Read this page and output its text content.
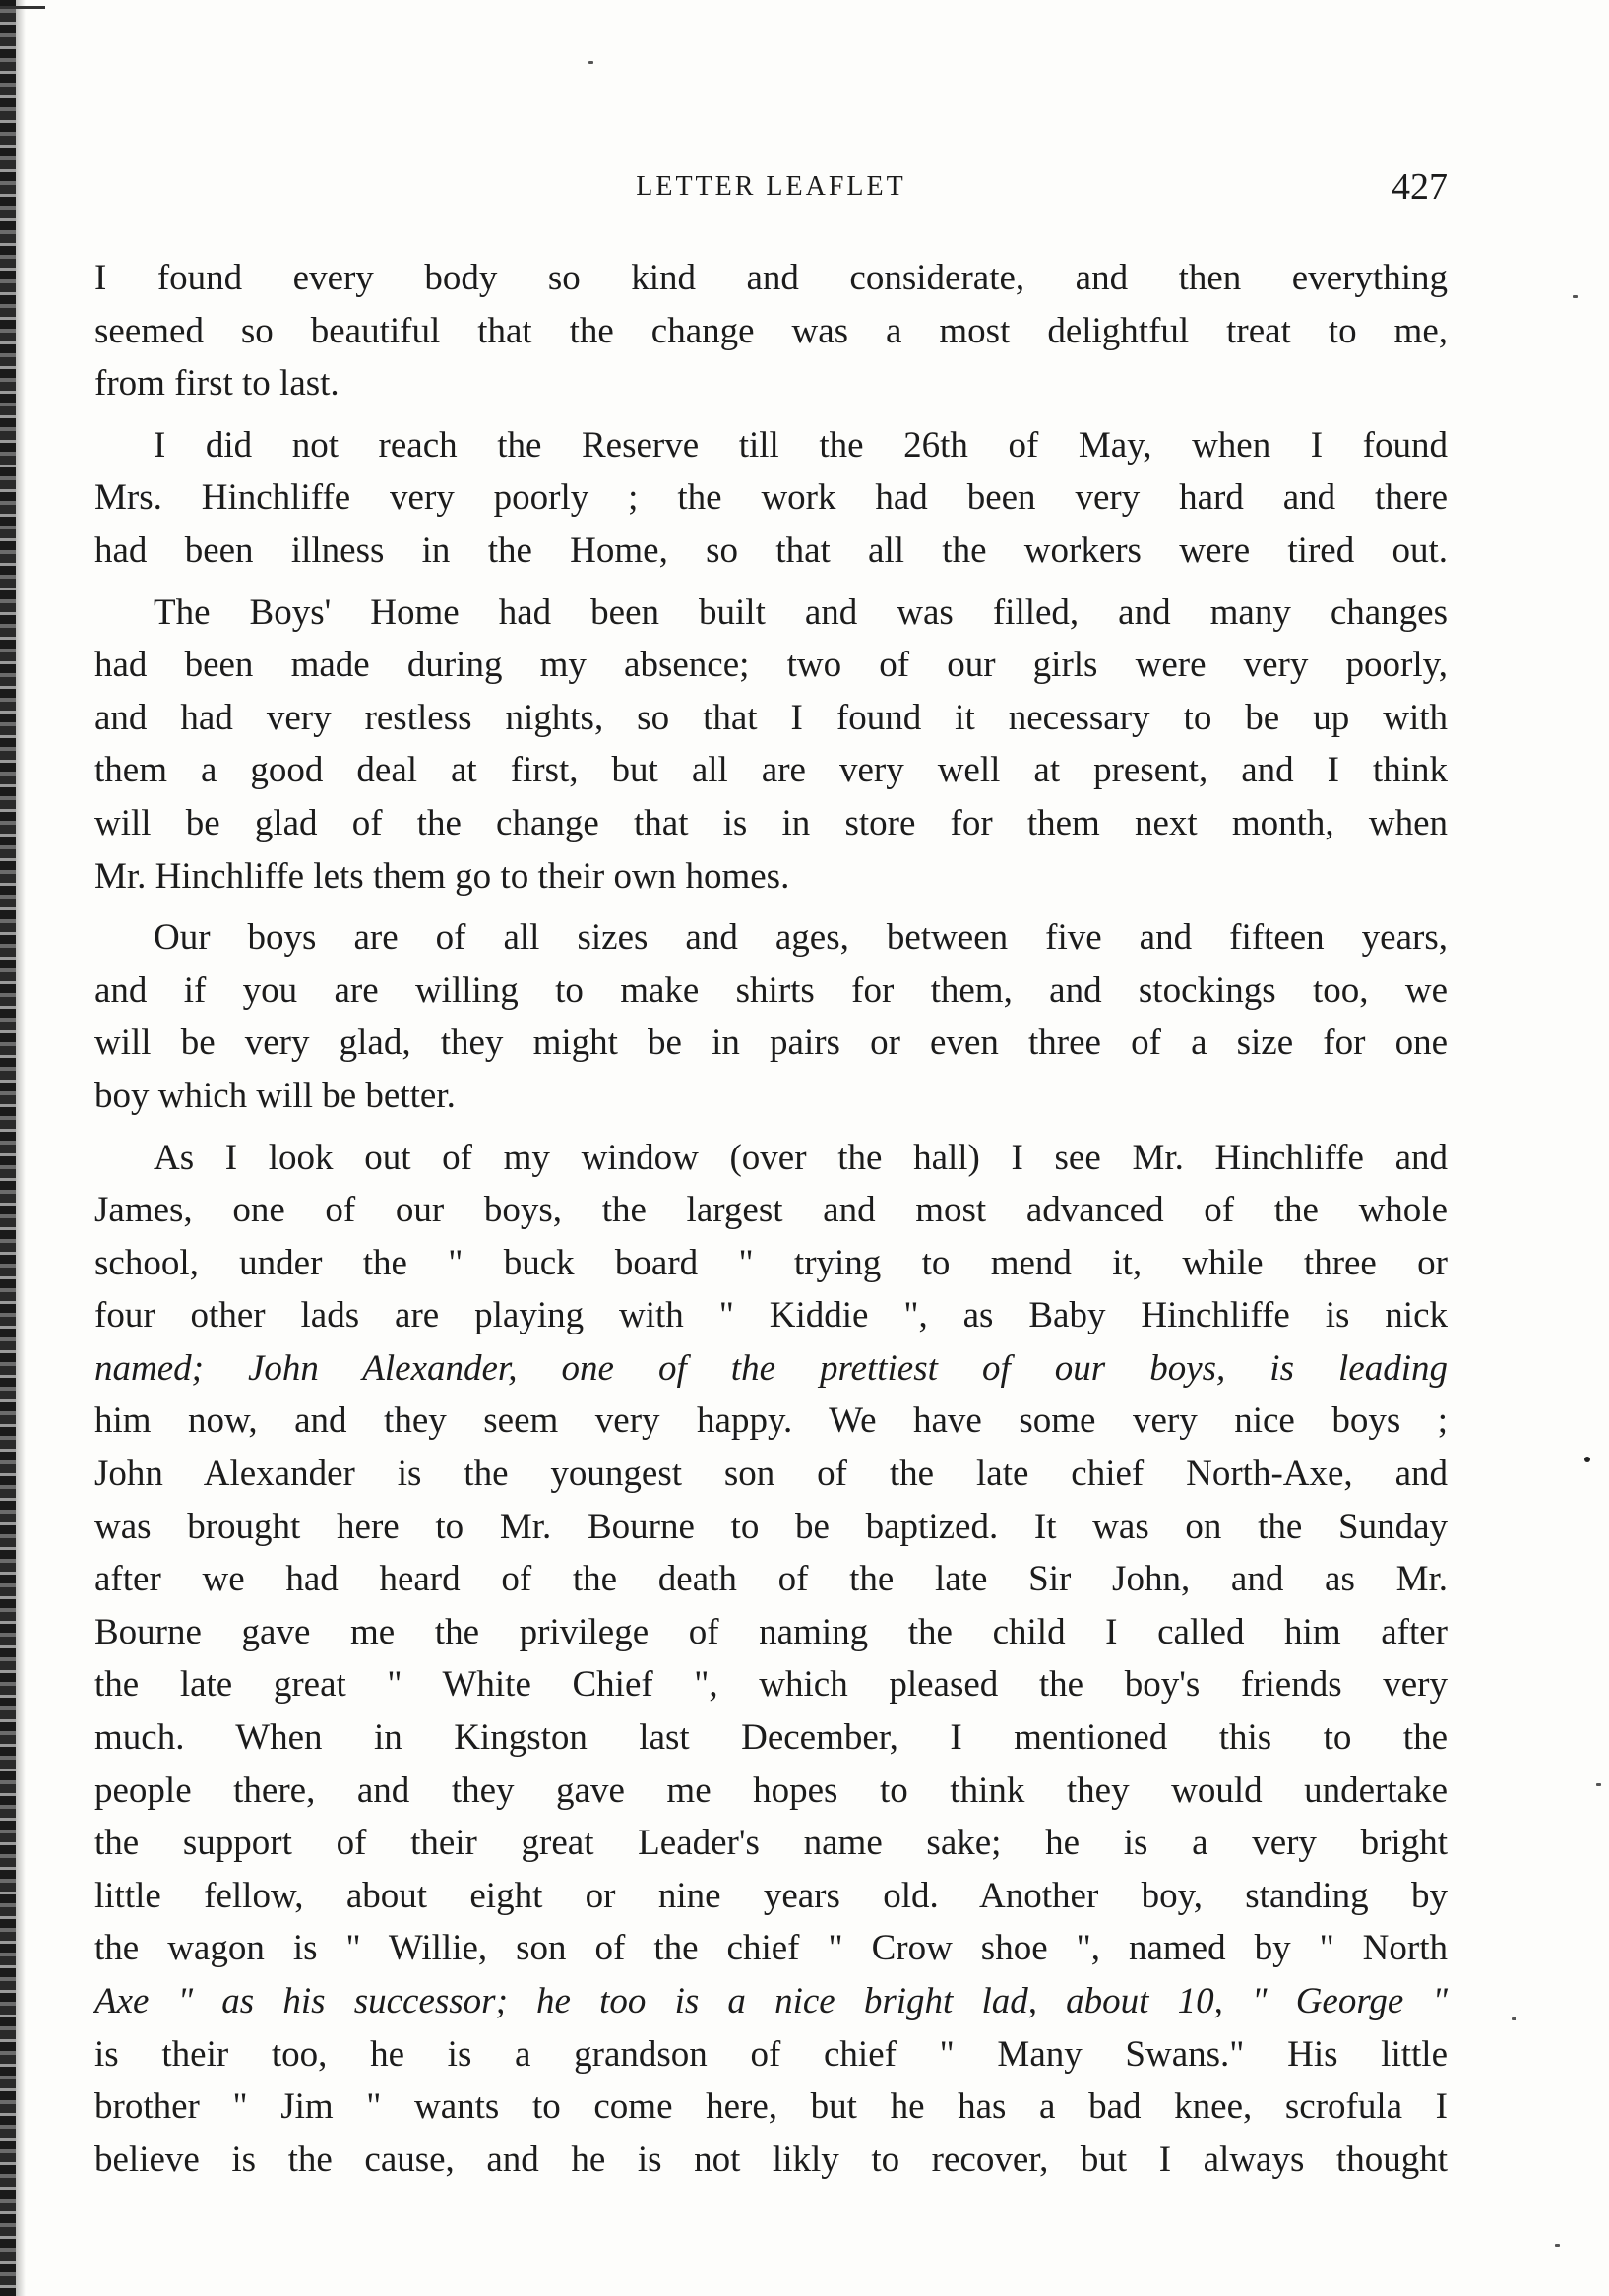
LETTER LEAFLET	427
I found every body so kind and considerate, and then everything
seemed so beautiful that the change was a most delightful treat to me,
from first to last.
I did not reach the Reserve till the 26th of May, when I found
Mrs. Hinchliffe very poorly ; the work had been very hard and there
had been illness in the Home, so that all the workers were tired out.
The Boys' Home had been built and was filled, and many changes
had been made during my absence; two of our girls were very poorly,
and had very restless nights, so that I found it necessary to be up with
them a good deal at first, but all are very well at present, and I think
will be glad of the change that is in store for them next month, when
Mr. Hinchliffe lets them go to their own homes.
Our boys are of all sizes and ages, between five and fifteen years,
and if you are willing to make shirts for them, and stockings too, we
will be very glad, they might be in pairs or even three of a size for one
boy which will be better.
As I look out of my window (over the hall) I see Mr. Hinchliffe and
James, one of our boys, the largest and most advanced of the whole
school, under the " buck board " trying to mend it, while three or
four other lads are playing with " Kiddie ", as Baby Hinchliffe is nick
named; John Alexander, one of the prettiest of our boys, is leading
him now, and they seem very happy. We have some very nice boys ;
John Alexander is the youngest son of the late chief North-Axe, and
was brought here to Mr. Bourne to be baptized. It was on the Sunday
after we had heard of the death of the late Sir John, and as Mr.
Bourne gave me the privilege of naming the child I called him after
the late great " White Chief ", which pleased the boy's friends very
much. When in Kingston last December, I mentioned this to the
people there, and they gave me hopes to think they would undertake
the support of their great Leader's name sake; he is a very bright
little fellow, about eight or nine years old. Another boy, standing by
the wagon is " Willie, son of the chief " Crow shoe ", named by " North
Axe " as his successor; he too is a nice bright lad, about 10, " George "
is their too, he is a grandson of chief " Many Swans." His little
brother " Jim " wants to come here, but he has a bad knee, scrofula I
believe is the cause, and he is not likly to recover, but I always thought
